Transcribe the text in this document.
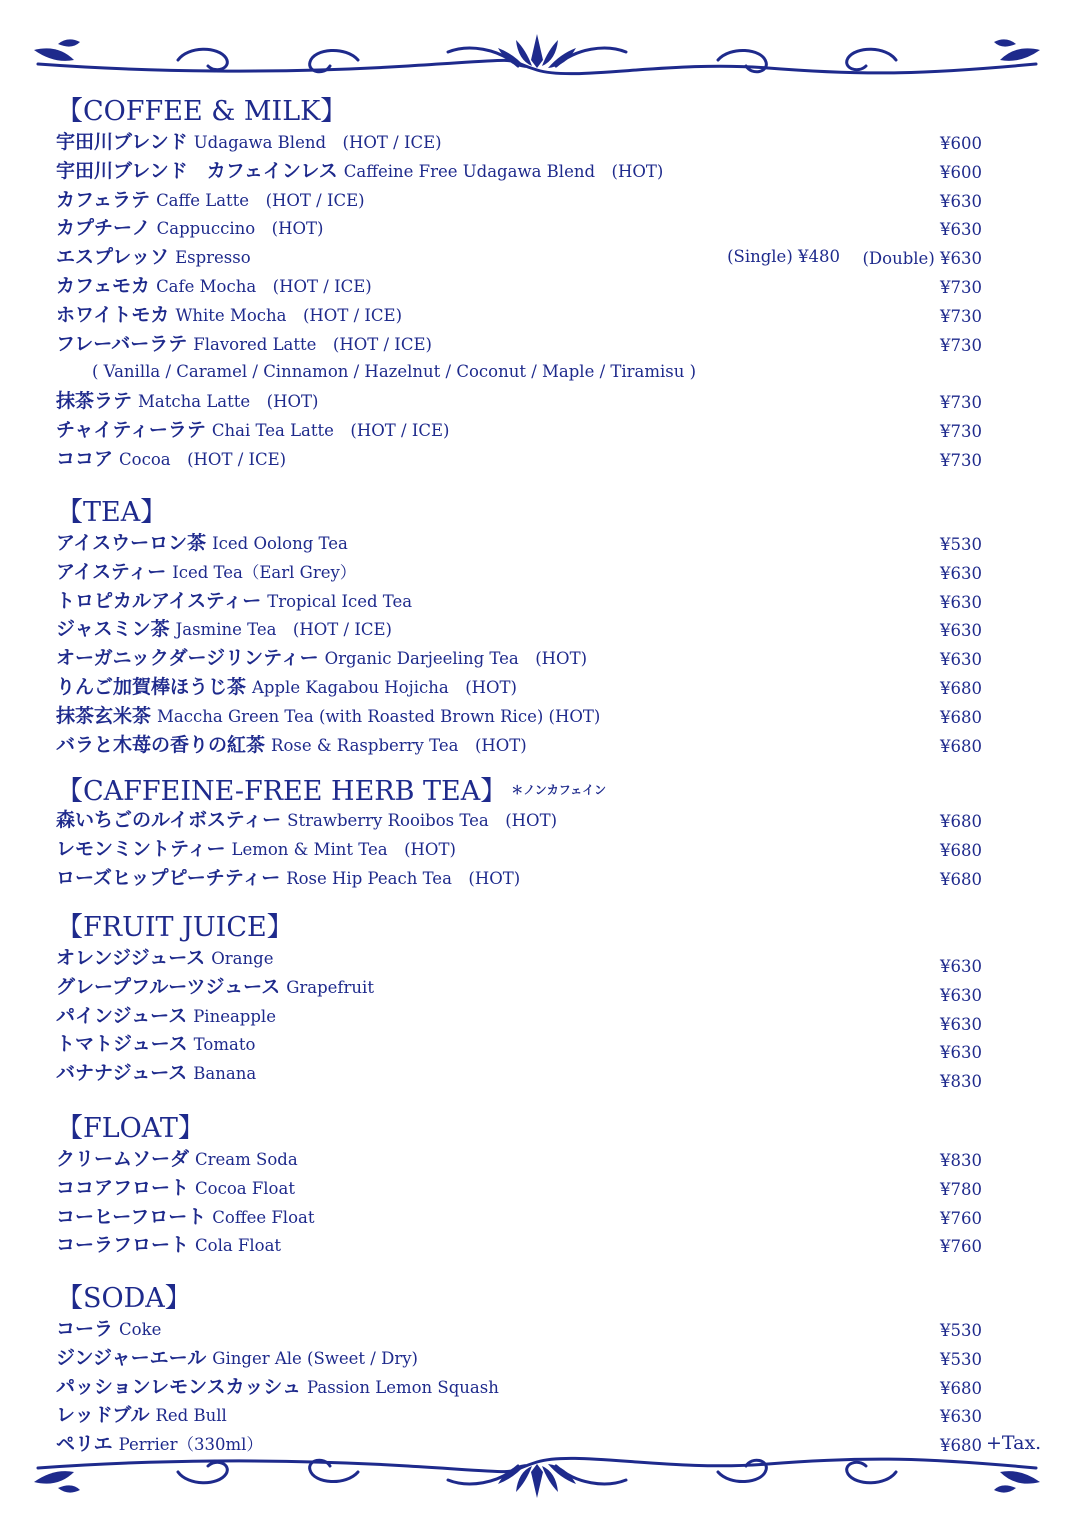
【COFFEE & MILK】
宇田川ブレンド Udagawa Blend　(HOT / ICE)	¥600
宇田川ブレンド　カフェインレス Caffeine Free Udagawa Blend　(HOT)	¥600
カフェラテ Caffe Latte　(HOT / ICE)	¥630
カプチーノ Cappuccino　(HOT)	¥630
エスプレッソ Espresso	(Single) ¥480 (Double) ¥630
カフェモカ Cafe Mocha　(HOT / ICE)	¥730
ホワイトモカ White Mocha　(HOT / ICE)	¥730
フレーバーラテ Flavored Latte　(HOT / ICE)	¥730
( Vanilla / Caramel / Cinnamon / Hazelnut / Coconut / Maple / Tiramisu )
抹茶ラテ Matcha Latte　(HOT)	¥730
チャイティーラテ Chai Tea Latte　(HOT / ICE)	¥730
ココア Cocoa　(HOT / ICE)	¥730
【TEA】
アイスウーロン茶 Iced Oolong Tea	¥530
アイスティー Iced Tea（Earl Grey）	¥630
トロピカルアイスティー Tropical Iced Tea	¥630
ジャスミン茶 Jasmine Tea　(HOT / ICE)	¥630
オーガニックダージリンティー Organic Darjeeling Tea　(HOT)	¥630
りんご加賀棒ほうじ茶 Apple Kagabou Hojicha　(HOT)	¥680
抹茶玄米茶 Maccha Green Tea (with Roasted Brown Rice) (HOT)	¥680
バラと木苺の香りの紅茶 Rose & Raspberry Tea　(HOT)	¥680
【CAFFEINE-FREE HERB TEA】 $^{*ノンカフェイン}$
森いちごのルイボスティー Strawberry Rooibos Tea　(HOT)	¥680
レモンミントティー Lemon & Mint Tea　(HOT)	¥680
ローズヒップピーチティー Rose Hip Peach Tea　(HOT)	¥680
【FRUIT JUICE】
オレンジジュース Orange	¥630
グレープフルーツジュース Grapefruit	¥630
パインジュース Pineapple	¥630
トマトジュース Tomato	¥630
バナナジュース Banana	¥830
【FLOAT】
クリームソーダ Cream Soda	¥830
ココアフロート Cocoa Float	¥780
コーヒーフロート Coffee Float	¥760
コーラフロート Cola Float	¥760
【SODA】
コーラ Coke	¥530
ジンジャーエール Ginger Ale (Sweet / Dry)	¥530
パッションレモンスカッシュ Passion Lemon Squash	¥680
レッドブル Red Bull	¥630
ペリエ Perrier（330ml）	¥680 +Tax.
